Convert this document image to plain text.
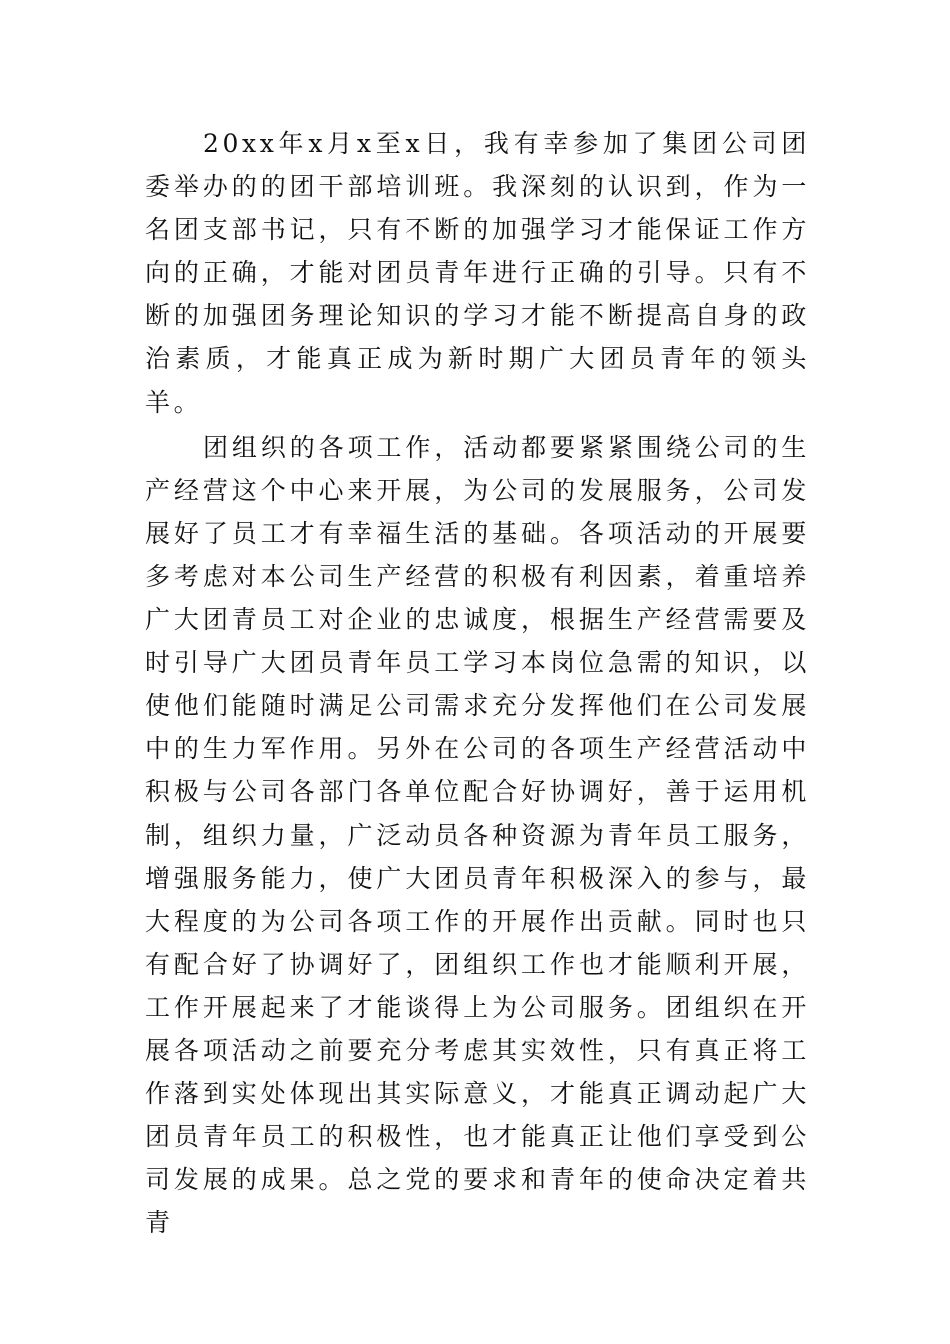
20xx年x月x至x日，我有幸参加了集团公司团委举办的的团干部培训班。我深刻的认识到，作为一名团支部书记，只有不断的加强学习才能保证工作方向的正确，才能对团员青年进行正确的引导。只有不断的加强团务理论知识的学习才能不断提高自身的政治素质，才能真正成为新时期广大团员青年的领头羊。

团组织的各项工作，活动都要紧紧围绕公司的生产经营这个中心来开展，为公司的发展服务，公司发展好了员工才有幸福生活的基础。各项活动的开展要多考虑对本公司生产经营的积极有利因素，着重培养广大团青员工对企业的忠诚度，根据生产经营需要及时引导广大团员青年员工学习本岗位急需的知识，以使他们能随时满足公司需求充分发挥他们在公司发展中的生力军作用。另外在公司的各项生产经营活动中积极与公司各部门各单位配合好协调好，善于运用机制，组织力量，广泛动员各种资源为青年员工服务，增强服务能力，使广大团员青年积极深入的参与，最大程度的为公司各项工作的开展作出贡献。同时也只有配合好了协调好了，团组织工作也才能顺利开展，工作开展起来了才能谈得上为公司服务。团组织在开展各项活动之前要充分考虑其实效性，只有真正将工作落到实处体现出其实际意义，才能真正调动起广大团员青年员工的积极性，也才能真正让他们享受到公司发展的成果。总之党的要求和青年的使命决定着共青
